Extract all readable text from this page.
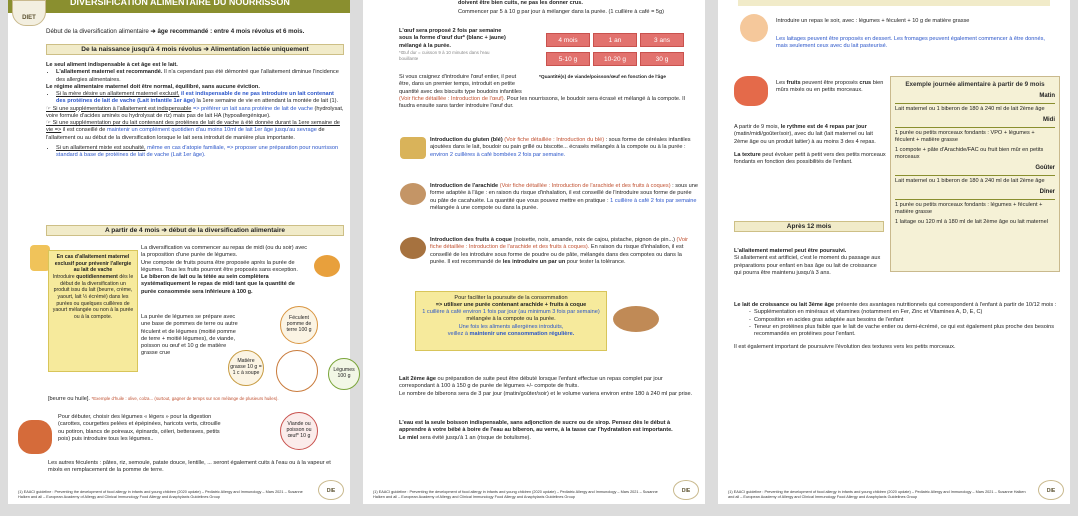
DIVERSIFICATION ALIMENTAIRE DU NOURRISSON
DIET
Début de la diversification alimentaire ➔ âge recommandé : entre 4 mois révolus et 6 mois.
De la naissance jusqu'à 4 mois révolus ➔ Alimentation lactée uniquement
Le seul aliment indispensable à cet âge est le lait.
• L'allaitement maternel est recommandé. Il n'a cependant pas été démontré que l'allaitement diminue l'incidence des allergies alimentaires.
Le régime alimentaire maternel doit être normal, équilibré, sans aucune éviction.
• Si la mère désire un allaitement maternel exclusif, il est indispensable de ne pas introduire un lait contenant des protéines de lait de vache (Lait infantile 1er âge) la 1ere semaine de vie en attendant la montée de lait (1).
☞ Si une supplémentation à l'allaitement est indispensable => préférer un lait sans protéine de lait de vache (hydrolysat, voire formule d'acides aminés ou hydrolysat de riz) mais pas de lait HA (hypoallergénique).
☞ Si une supplémentation par du lait contenant des protéines de lait de vache à été donnée durant la 1ere semaine de vie => il est conseillé de maintenir un complément quotidien d'au moins 10ml de lait 1er âge jusqu'au sevrage de l'allaitement ou au début de la diversification lorsque le lait sera introduit de manière plus importante.
• Si un allaitement mixte est souhaité, même en cas d'atopie familiale, => proposer une préparation pour nourrisson standard à base de protéines de lait de vache (Lait 1er âge).
A partir de 4 mois ➔ début de la diversification alimentaire
En cas d'allaitement maternel exclusif pour prévenir l'allergie au lait de vache
Introduire quotidiennement dès le début de la diversification un produit issu du lait (beurre, crème, yaourt, lait ½ écrémé) dans les purées ou quelques cuillères de yaourt mélangée ou non à la purée ou à la compote.
La diversification va commencer au repas de midi (ou du soir) avec la proposition d'une purée de légumes.
Une compote de fruits pourra être proposée après la purée de légumes. Tous les fruits pourront être proposés sans exception.
Le biberon de lait ou la tétée au sein complètera systématiquement le repas de midi tant que la quantité de purée consommée sera inférieure à 100 g.
La purée de légumes se prépare avec une base de pommes de terre ou autre féculent et de légumes (moitié pomme de terre + moitié légumes), de viande, poisson ou œuf et 10 g de matière grasse crue
[beurre ou huile]. *Exemple d'huile : olive, colza... (surtout, gagner de temps sur son mélange de plusieurs huiles).
Féculent pomme de terre 100 g
Matière grasse 10 g = 1 c à soupe	Légumes 100 g
Viande ou poisson ou œuf* 10 g
Pour débuter, choisir des légumes « légers » pour la digestion (carottes, courgettes pelées et épépinées, haricots verts, citrouille ou potiron, blancs de poireaux, épinards, céleri, betteraves, petits pois) puis introduire tous les légumes..
Les autres féculents : pâtes, riz, semoule, patate douce, lentille, ... seront également cuits à l'eau ou à la vapeur et mixés en remplacement de la pomme de terre.
(1) EAACI guideline : Preventing the development of food allergy in infants and young children (2020 update) – Pediatric Allergy and Immunology – Mars 2021 – Susanne Halken and all – European Academy of Allergy and Clinical Immunology Food Allergy and Anaphylaxis Guidelines Group
DIE
doivent être bien cuits, ne pas les donner crus.
Commencer par 5 à 10 g par jour à mélanger dans la purée. (1 cuillère à café = 5g)
L'œuf sera proposé 2 fois par semaine sous la forme d'œuf dur* (blanc + jaune) mélangé à la purée.
*Œuf dur = cuisson 9 à 10 minutes dans l'eau bouillante
4 mois	1 an	3 ans
5-10 g	10-20 g	30 g
*Quantité(s) de viande/poisson/œuf en fonction de l'âge
Si vous craignez d'introduire l'œuf entier, il peut être, dans un premier temps, introduit en petite quantité avec des biscuits type boudoirs infantiles
(Voir fiche détaillée : Introduction de l'œuf). Pour les nourrissons, le boudoir sera écrasé et mélangé à la compote. Il faudra ensuite sans tarder introduire l'œuf dur.
Introduction du gluten (blé) (Voir fiche détaillée : Introduction du blé) : sous forme de céréales infantiles ajoutées dans le lait, boudoir ou pain grillé ou biscotte... écrasés mélangés à la compote ou à la purée : environ 2 cuillères à café bombées 2 fois par semaine.
Introduction de l'arachide (Voir fiche détaillée : Introduction de l'arachide et des fruits à coques) : sous une forme adaptée à l'âge : en raison du risque d'inhalation, il est conseillé de l'introduire sous forme de purée ou pâte de cacahuète. La quantité que vous pouvez mettre en pratique : 1 cuillère à café 2 fois par semaine mélangée à une compote ou dans la purée.
Introduction des fruits à coque (noisette, noix, amande, noix de cajou, pistache, pignon de pin...) (Voir fiche détaillée : Introduction de l'arachide et des fruits à coques). En raison du risque d'inhalation, il est conseillé de les introduire sous forme de poudre ou de pâte, mélangés dans des compotes ou dans la purée. Il est recommandé de les introduire un par un pour tester la tolérance.
Pour faciliter la poursuite de la consommation
=> utiliser une purée contenant arachide + fruits à coque
1 cuillère à café environ 1 fois par jour (au minimum 3 fois par semaine) mélangée à la compote ou la purée.
Une fois les aliments allergènes introduits,
veillez à maintenir une consommation régulière.
Lait 2ème âge ou préparation de suite peut être débuté lorsque l'enfant effectue un repas complet par jour correspondant à 100 à 150 g de purée de légumes +/- compote de fruits.
Le nombre de biberons sera de 3 par jour (matin/goûter/soir) et le volume variera environ entre 180 à 240 ml par prise.
L'eau est la seule boisson indispensable, sans adjonction de sucre ou de sirop. Pensez dès le début à apprendre à votre bébé à boire de l'eau au biberon, au verre, à la tasse car l'hydratation est importante.
Le miel sera évité jusqu'à 1 an (risque de botulisme).
(1) EAACI guideline : Preventing the development of food allergy in infants and young children (2020 update) – Pediatric Allergy and Immunology – Mars 2021 – Susanne Halken and all – European Academy of Allergy and Clinical Immunology Food Allergy and Anaphylaxis Guidelines Group
DIE
Introduire un repas le soir, avec : légumes + féculent + 10 g de matière grasse
Les laitages peuvent être proposés en dessert. Les fromages peuvent également commencer à être donnés, mais seulement ceux avec du lait pasteurisé.
Les fruits peuvent être proposés crus bien mûrs mixés ou en petits morceaux.
A partir de 9 mois, le rythme est de 4 repas par jour (matin/midi/goûter/soir), avec du lait (lait maternel ou lait 2ème âge ou un produit laitier) à au moins 3 des 4 repas.
La texture peut évoluer petit à petit vers des petits morceaux fondants en fonction des possibilités de l'enfant.
Exemple journée alimentaire à partir de 9 mois
Matin
Lait maternel ou 1 biberon de 180 à 240 ml de lait 2ème âge
Midi
1 purée ou petits morceaux fondants : VPO + légumes + féculent + matière grasse
1 compote + pâte d'Arachide/FAC ou fruit bien mûr en petits morceaux
Goûter
Lait maternel ou 1 biberon de 180 à 240 ml de lait 2ème âge
Dîner
1 purée ou petits morceaux fondants : légumes + féculent + matière grasse
1 laitage ou 120 ml à 180 ml de lait 2ème âge ou lait maternel
Après 12 mois
L'allaitement maternel peut être poursuivi.
Si allaitement est artificiel, c'est le moment du passage aux préparations pour enfant en bas âge ou lait de croissance qui pourra être maintenu jusqu'à 3 ans.
Le lait de croissance ou lait 3ème âge présente des avantages nutritionnels qui correspondent à l'enfant à partir de 10/12 mois :
- Supplémentation en minéraux et vitamines (notamment en Fer, Zinc et Vitamines A, D, E, C)
- Composition en acides gras adaptée aux besoins de l'enfant
- Teneur en protéines plus faible que le lait de vache entier ou demi-écrémé, ce qui est également plus proche des besoins recommandés en protéines pour l'enfant.
Il est également important de poursuivre l'évolution des textures vers les petits morceaux.
(1) EAACI guideline : Preventing the development of food allergy in infants and young children (2020 update) – Pediatric Allergy and Immunology – Mars 2021 – Susanne Halken and all – European Academy of Allergy and Clinical Immunology Food Allergy and Anaphylaxis Guidelines Group
DIE
